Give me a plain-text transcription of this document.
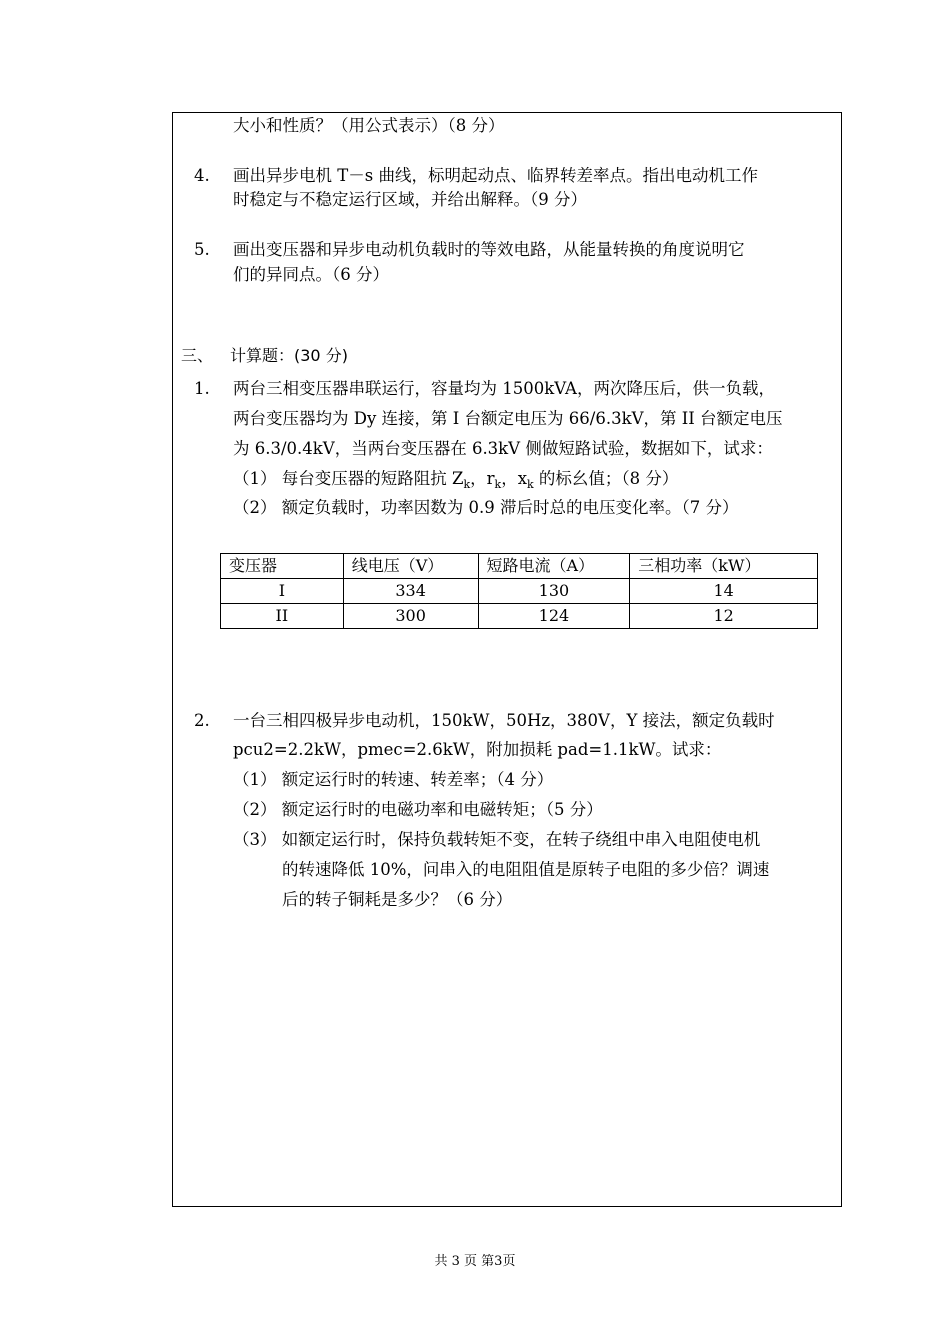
大小和性质？（用公式表示）（8 分）
4. 画出异步电机 T－s 曲线，标明起动点、临界转差率点。指出电动机工作
时稳定与不稳定运行区域，并给出解释。（9 分）
5. 画出变压器和异步电动机负载时的等效电路，从能量转换的角度说明它
们的异同点。（6 分）
三、 计算题：(30 分)
1. 两台三相变压器串联运行，容量均为 1500kVA，两次降压后，供一负载，
两台变压器均为 Dy 连接，第 I 台额定电压为 66/6.3kV，第 II 台额定电压
为 6.3/0.4kV，当两台变压器在 6.3kV 侧做短路试验，数据如下，试求：
（1） 每台变压器的短路阻抗 $Z_k$，$r_k$，$x_k$ 的标幺值；（8 分）
（2） 额定负载时，功率因数为 0.9 滞后时总的电压变化率。（7 分）
变压器	线电压（V）	短路电流（A）	三相功率（kW）
I	334	130	14
II	300	124	12
2. 一台三相四极异步电动机，150kW，50Hz，380V，Y 接法，额定负载时
pcu2=2.2kW，pmec=2.6kW，附加损耗 pad=1.1kW。试求：
（1） 额定运行时的转速、转差率；（4 分）
（2） 额定运行时的电磁功率和电磁转矩；（5 分）
（3） 如额定运行时，保持负载转矩不变，在转子绕组中串入电阻使电机
的转速降低 10%，问串入的电阻阻值是原转子电阻的多少倍？调速
后的转子铜耗是多少？（6 分）
共 3 页 第3页
